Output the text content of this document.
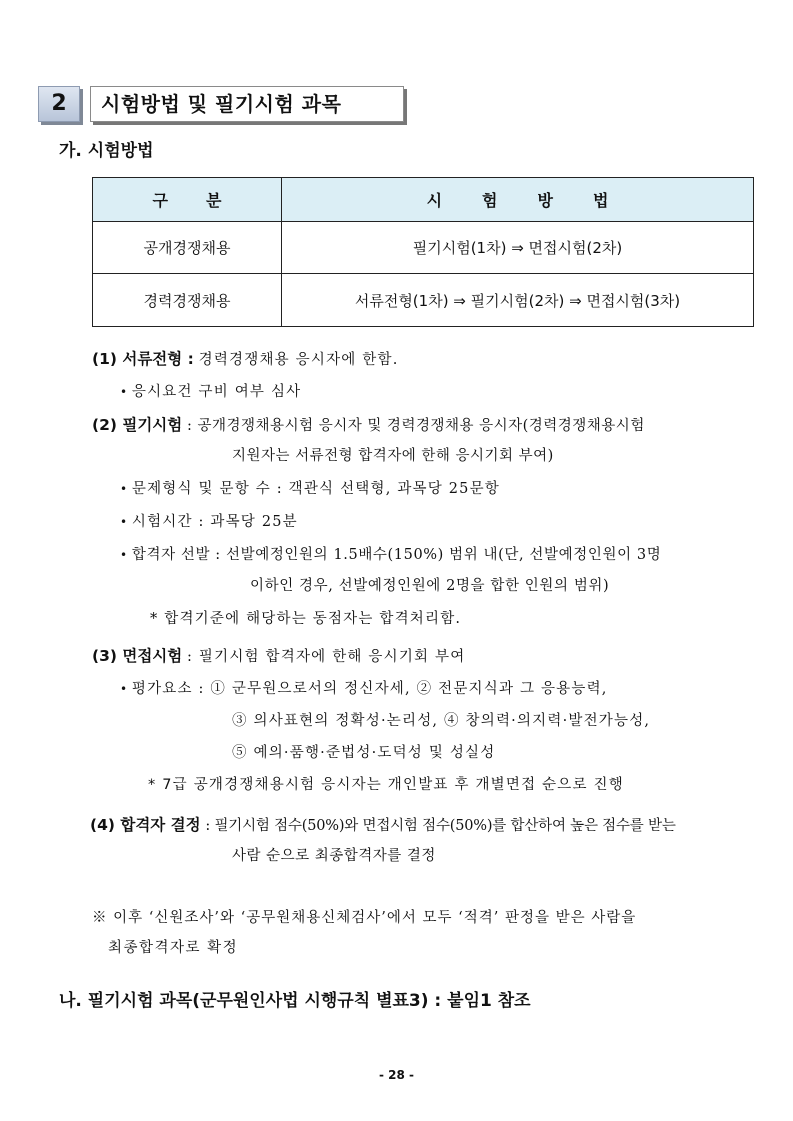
2	시험방법 및 필기시험 과목
가. 시험방법
구분	시험방법
공개경쟁채용	필기시험(1차) ⇒ 면접시험(2차)
경력경쟁채용	서류전형(1차) ⇒ 필기시험(2차) ⇒ 면접시험(3차)
(1) 서류전형 : 경력경쟁채용 응시자에 한함.
• 응시요건 구비 여부 심사
(2) 필기시험 : 공개경쟁채용시험 응시자 및 경력경쟁채용 응시자(경력경쟁채용시험
지원자는 서류전형 합격자에 한해 응시기회 부여)
• 문제형식 및 문항 수 : 객관식 선택형, 과목당 25문항
• 시험시간 : 과목당 25분
• 합격자 선발 : 선발예정인원의 1.5배수(150%) 범위 내(단, 선발예정인원이 3명
이하인 경우, 선발예정인원에 2명을 합한 인원의 범위)
* 합격기준에 해당하는 동점자는 합격처리함.
(3) 면접시험 : 필기시험 합격자에 한해 응시기회 부여
• 평가요소 : ① 군무원으로서의 정신자세, ② 전문지식과 그 응용능력,
③ 의사표현의 정확성·논리성, ④ 창의력·의지력·발전가능성,
⑤ 예의·품행·준법성·도덕성 및 성실성
* 7급 공개경쟁채용시험 응시자는 개인발표 후 개별면접 순으로 진행
(4) 합격자 결정 : 필기시험 점수(50%)와 면접시험 점수(50%)를 합산하여 높은 점수를 받는
사람 순으로 최종합격자를 결정
※ 이후 ‘신원조사’와 ‘공무원채용신체검사’에서 모두 ‘적격’ 판정을 받은 사람을
최종합격자로 확정
나. 필기시험 과목(군무원인사법 시행규칙 별표3) : 붙임1 참조
- 28 -
